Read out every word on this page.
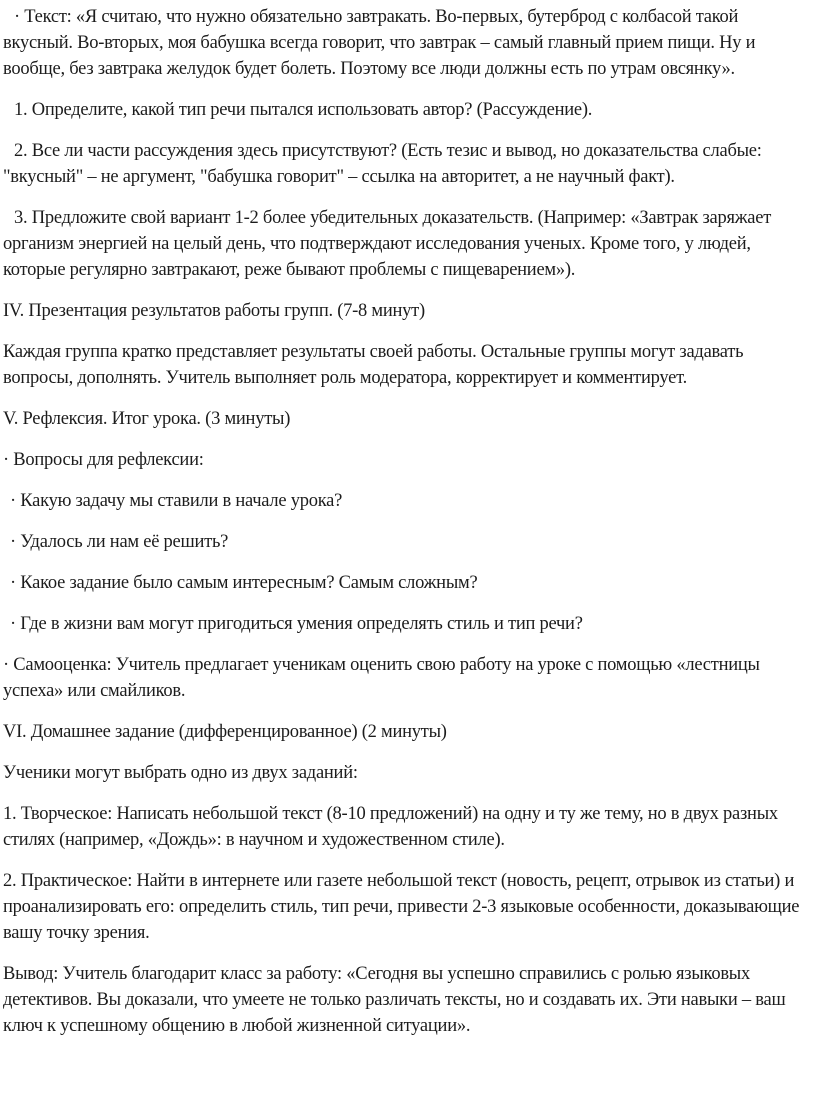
· Текст: «Я считаю, что нужно обязательно завтракать. Во-первых, бутерброд с колбасой такой вкусный. Во-вторых, моя бабушка всегда говорит, что завтрак – самый главный прием пищи. Ну и вообще, без завтрака желудок будет болеть. Поэтому все люди должны есть по утрам овсянку».

1. Определите, какой тип речи пытался использовать автор? (Рассуждение).

2. Все ли части рассуждения здесь присутствуют? (Есть тезис и вывод, но доказательства слабые: "вкусный" – не аргумент, "бабушка говорит" – ссылка на авторитет, а не научный факт).

3. Предложите свой вариант 1-2 более убедительных доказательств. (Например: «Завтрак заряжает организм энергией на целый день, что подтверждают исследования ученых. Кроме того, у людей, которые регулярно завтракают, реже бывают проблемы с пищеварением»).

IV. Презентация результатов работы групп. (7-8 минут)

Каждая группа кратко представляет результаты своей работы. Остальные группы могут задавать вопросы, дополнять. Учитель выполняет роль модератора, корректирует и комментирует.

V. Рефлексия. Итог урока. (3 минуты)

· Вопросы для рефлексии:

· Какую задачу мы ставили в начале урока?

· Удалось ли нам её решить?

· Какое задание было самым интересным? Самым сложным?

· Где в жизни вам могут пригодиться умения определять стиль и тип речи?

· Самооценка: Учитель предлагает ученикам оценить свою работу на уроке с помощью «лестницы успеха» или смайликов.

VI. Домашнее задание (дифференцированное) (2 минуты)

Ученики могут выбрать одно из двух заданий:

1. Творческое: Написать небольшой текст (8-10 предложений) на одну и ту же тему, но в двух разных стилях (например, «Дождь»: в научном и художественном стиле).

2. Практическое: Найти в интернете или газете небольшой текст (новость, рецепт, отрывок из статьи) и проанализировать его: определить стиль, тип речи, привести 2-3 языковые особенности, доказывающие вашу точку зрения.

Вывод: Учитель благодарит класс за работу: «Сегодня вы успешно справились с ролью языковых детективов. Вы доказали, что умеете не только различать тексты, но и создавать их. Эти навыки – ваш ключ к успешному общению в любой жизненной ситуации».
